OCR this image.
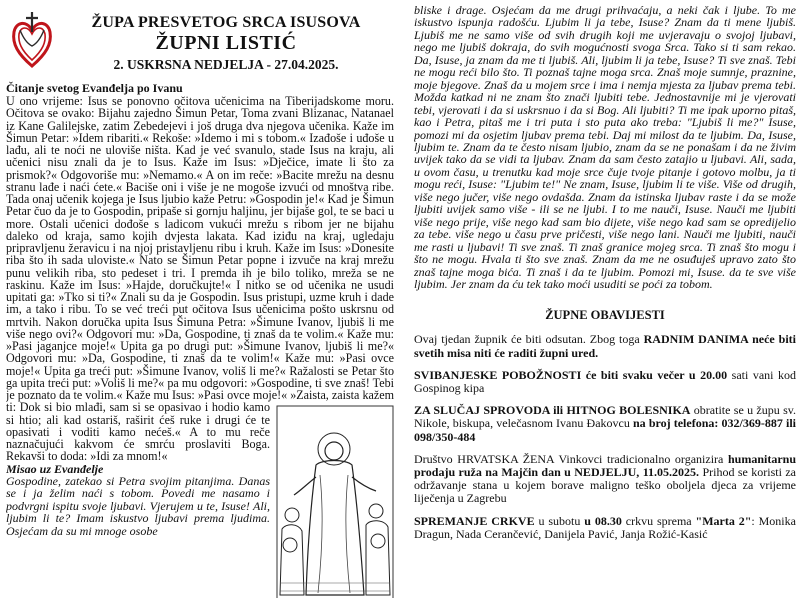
ŽUPA PRESVETOG SRCA ISUSOVA
ŽUPNI LISTIĆ
2. USKRSNA NEDJELJA - 27.04.2025.

Čitanje svetog Evanđelja po Ivanu

U ono vrijeme: Isus se ponovno očitova učenicima na Tiberijadskome moru. Očitova se ovako: Bijahu zajedno Šimun Petar, Toma zvani Blizanac, Natanael iz Kane Galilejske, zatim Zebedejevi i još druga dva njegova učenika. Kaže im Šimun Petar: »Idem ribariti.« Rekoše: »Idemo i mi s tobom.« Izađoše i uđoše u lađu, ali te noći ne uloviše ništa. Kad je već svanulo, stade Isus na kraju, ali učenici nisu znali da je to Isus. Kaže im Isus: »Dječice, imate li što za prismok?« Odgovoriše mu: »Nemamo.« A on im reče: »Bacite mrežu na desnu stranu lađe i naći ćete.« Baciše oni i više je ne mogoše izvući od mnoštva ribe. Tada onaj učenik kojega je Isus ljubio kaže Petru: »Gospodin je!« Kad je Šimun Petar čuo da je to Gospodin, pripaše si gornju haljinu, jer bijaše gol, te se baci u more. Ostali učenici dođoše s ladicom vukući mrežu s ribom jer ne bijahu daleko od kraja, samo kojih dvjesta lakata. Kad iziđu na kraj, ugledaju pripravljenu žeravicu i na njoj pristavljenu ribu i kruh. Kaže im Isus: »Donesite riba što ih sada uloviste.« Nato se Šimun Petar popne i izvuče na kraj mrežu punu velikih riba, sto pedeset i tri. I premda ih je bilo toliko, mreža se ne raskinu. Kaže im Isus: »Hajde, doručkujte!« I nitko se od učenika ne usudi upitati ga: »Tko si ti?« Znali su da je Gospodin. Isus pristupi, uzme kruh i dade im, a tako i ribu. To se već treći put očitova Isus učenicima pošto uskrsnu od mrtvih. Nakon doručka upita Isus Šimuna Petra: »Šimune Ivanov, ljubiš li me više nego ovi?« Odgovori mu: »Da, Gospodine, ti znaš da te volim.« Kaže mu: »Pasi jaganjce moje!« Upita ga po drugi put: »Šimune Ivanov, ljubiš li me?« Odgovori mu: »Da, Gospodine, ti znaš da te volim!« Kaže mu: »Pasi ovce moje!« Upita ga treći put: »Šimune Ivanov, voliš li me?« Ražalosti se Petar što ga upita treći put: »Voliš li me?« pa mu odgovori: »Gospodine, ti sve znaš! Tebi je poznato da te volim.« Kaže mu Isus: »Pasi ovce moje!« »Zaista, zaista kažem ti: Dok si bio mlađi, sam si se opasivao i hodio kamo si htio; ali kad ostariš, raširit ćeš ruke i drugi će te opasivati i voditi kamo nećeš.« A to mu reče naznačujući kakvom će smrću proslaviti Boga. Rekavši to doda: »Idi za mnom!«

Misao uz Evanđelje

Gospodine, zatekao si Petra svojim pitanjima. Danas se i ja želim naći s tobom. Povedi me nasamo i podvrgni ispitu svoje ljubavi. Vjerujem u te, Isuse! Ali, ljubim li te? Imam iskustvo ljubavi prema ljudima. Osjećam da su mi mnoge osobe

bliske i drage. Osjećam da me drugi prihvaćaju, a neki čak i ljube. To me iskustvo ispunja radošću. Ljubim li ja tebe, Isuse? Znam da ti mene ljubiš. Ljubiš me ne samo više od svih drugih koji me uvjeravaju o svojoj ljubavi, nego me ljubiš dokraja, do svih mogućnosti svoga Srca. Tako si ti sam rekao. Da, Isuse, ja znam da me ti ljubiš. Ali, ljubim li ja tebe, Isuse? Ti sve znaš. Tebi ne mogu reći bilo što. Ti poznaš tajne moga srca. Znaš moje sumnje, praznine, moje bjegove. Znaš da u mojem srce i ima i nemja mjesta za ljubav prema tebi. Možda katkad ni ne znam što znači ljubiti tebe. Jednostavnije mi je vjerovati tebi, vjerovati i da si uskrsnuo i da si Bog. Ali ljubiti? Ti me ipak uporno pitaš, kao i Petra, pitaš me i tri puta i sto puta ako treba: "Ljubiš li me?" Isuse, pomozi mi da osjetim ljubav prema tebi. Daj mi milost da te ljubim. Da, Isuse, ljubim te. Znam da te često nisam ljubio, znam da se ne ponašam i da ne živim uvijek tako da se vidi ta ljubav. Znam da sam često zatajio u ljubavi. Ali, sada, u ovom času, u trenutku kad moje srce čuje tvoje pitanje i gotovo molbu, ja ti mogu reći, Isuse: "Ljubim te!" Ne znam, Isuse, ljubim li te više. Više od drugih, više nego jučer, više nego ovdašda. Znam da istinska ljubav raste i da se može ljubiti uvijek samo više - ili se ne ljubi. I to me nauči, Isuse. Nauči me ljubiti više nego prije, više nego kad sam bio dijete, više nego kad sam se opredijelio za tebe. više nego u času prve pričesti, više nego lani. Nauči me ljubiti, nauči me rasti u ljubavi! Ti sve znaš. Ti znaš granice mojeg srca. Ti znaš što mogu i što ne mogu. Hvala ti što sve znaš. Znam da me ne osuđuješ upravo zato što znaš tajne moga bića. Ti znaš i da te ljubim. Pomozi mi, Isuse. da te sve više ljubim. Jer znam da ću tek tako moći usuditi se poći za tobom.

ŽUPNE OBAVIJESTI

Ovaj tjedan župnik će biti odsutan. Zbog toga RADNIM DANIMA neće biti svetih misa niti će raditi župni ured.

SVIBANJESKE POBOŽNOSTI će biti svaku večer u 20.00 sati vani kod Gospinog kipa

ZA SLUČAJ SPROVODA ili HITNOG BOLESNIKA obratite se u župu sv. Nikole, biskupa, velečasnom Ivanu Đakovcu na broj telefona: 032/369-887 ili 098/350-484

Društvo HRVATSKA ŽENA Vinkovci tradicionalno organizira humanitarnu prodaju ruža na Majčin dan u NEDJELJU, 11.05.2025. Prihod se koristi za održavanje stana u kojem borave maligno teško oboljela djeca za vrijeme liječenja u Zagrebu

SPREMANJE CRKVE u subotu u 08.30 crkvu sprema "Marta 2": Monika Dragun, Nada Cerančević, Danijela Pavić, Janja Rožić-Kasić
